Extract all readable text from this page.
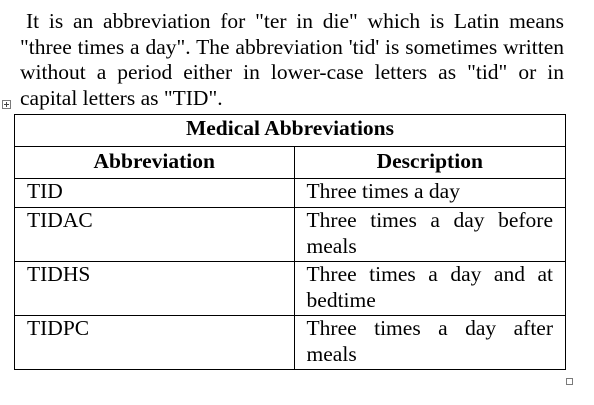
It is an abbreviation for "ter in die" which is Latin means "three times a day". The abbreviation 'tid' is sometimes written without a period either in lower-case letters as "tid" or in capital letters as "TID".

Medical Abbreviations	
Abbreviation	Description
TID	Three times a day
TIDAC	Three times a day before meals
TIDHS	Three times a day and at bedtime
TIDPC	Three times a day after meals
